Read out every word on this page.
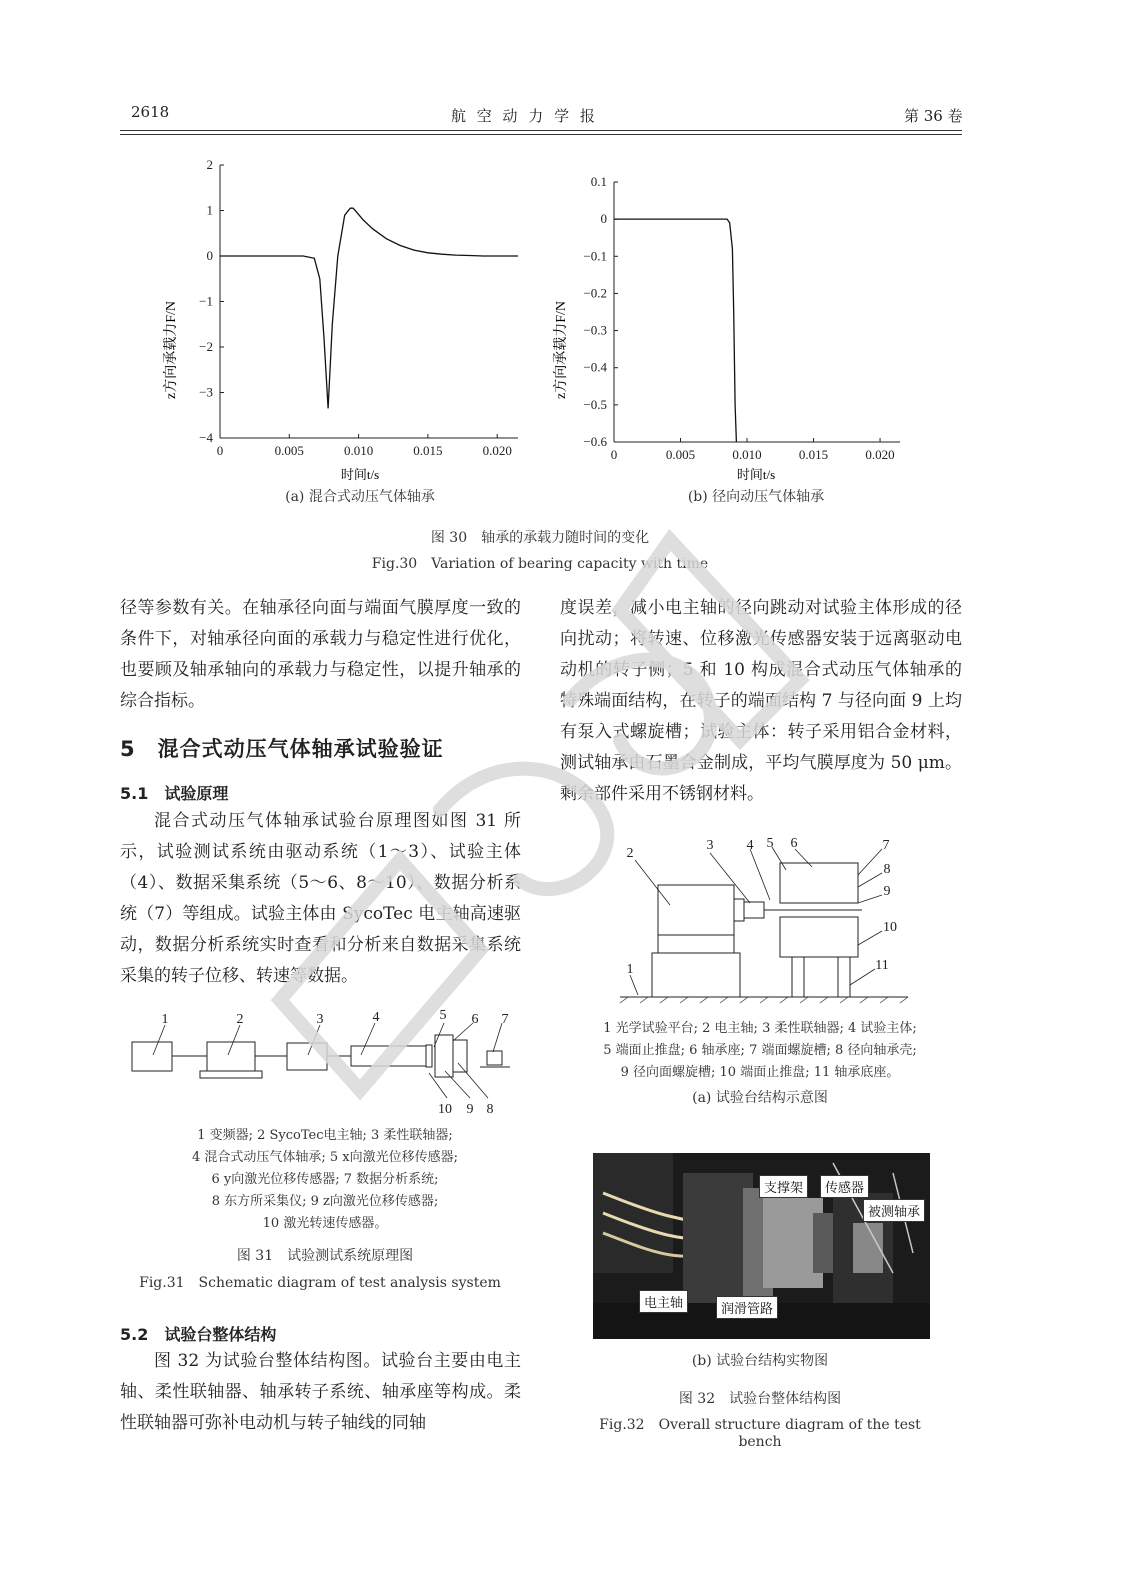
2618	航 空 动 力 学 报	第 36 卷
0	0.005	0.010	0.015	0.020
2
1
0
−1
−2
−3
−4
z方向承载力F/N
时间t/s
(a) 混合式动压气体轴承
0	0.005	0.010	0.015	0.020
0.1
0
−0.1
−0.2
−0.3
−0.4
−0.5
−0.6
z方向承载力F/N
时间t/s
(b) 径向动压气体轴承
图 30　轴承的承载力随时间的变化
Fig.30　Variation of bearing capacity with time

径等参数有关。在轴承径向面与端面气膜厚度一致的条件下，对轴承径向面的承载力与稳定性进行优化，也要顾及轴承轴向的承载力与稳定性，以提升轴承的综合指标。

5　混合式动压气体轴承试验验证
5.1　试验原理

混合式动压气体轴承试验台原理图如图 31 所示，试验测试系统由驱动系统（1～3）、试验主体（4）、数据采集系统（5～6、8～10）、数据分析系统（7）等组成。试验主体由 SycoTec 电主轴高速驱动，数据分析系统实时查看和分析来自数据采集系统采集的转子位移、转速等数据。

1	2	3	4	5 6 7
10 9 8
1 变频器; 2 SycoTec电主轴; 3 柔性联轴器;
4 混合式动压气体轴承; 5 x向激光位移传感器;
6 y向激光位移传感器; 7 数据分析系统;
8 东方所采集仪; 9 z向激光位移传感器;
10 激光转速传感器。
图 31　试验测试系统原理图
Fig.31　Schematic diagram of test analysis system
5.2　试验台整体结构

图 32 为试验台整体结构图。试验台主要由电主轴、柔性联轴器、轴承转子系统、轴承座等构成。柔性联轴器可弥补电动机与转子轴线的同轴

度误差，减小电主轴的径向跳动对试验主体形成的径向扰动；将转速、位移激光传感器安装于远离驱动电动机的转子侧；5 和 10 构成混合式动压气体轴承的特殊端面结构，在转子的端面结构 7 与径向面 9 上均有泵入式螺旋槽；试验主体：转子采用铝合金材料，测试轴承由石墨合金制成，平均气膜厚度为 50 μm。剩余部件采用不锈钢材料。

2
3 4 5 6	7
8
9
10
11
1
1 光学试验平台; 2 电主轴; 3 柔性联轴器; 4 试验主体;
5 端面止推盘; 6 轴承座; 7 端面螺旋槽; 8 径向轴承壳;
9 径向面螺旋槽; 10 端面止推盘; 11 轴承底座。
(a) 试验台结构示意图
支撑架	传感器
被测轴承
电主轴	润滑管路
(b) 试验台结构实物图
图 32　试验台整体结构图
Fig.32　Overall structure diagram of the test bench
